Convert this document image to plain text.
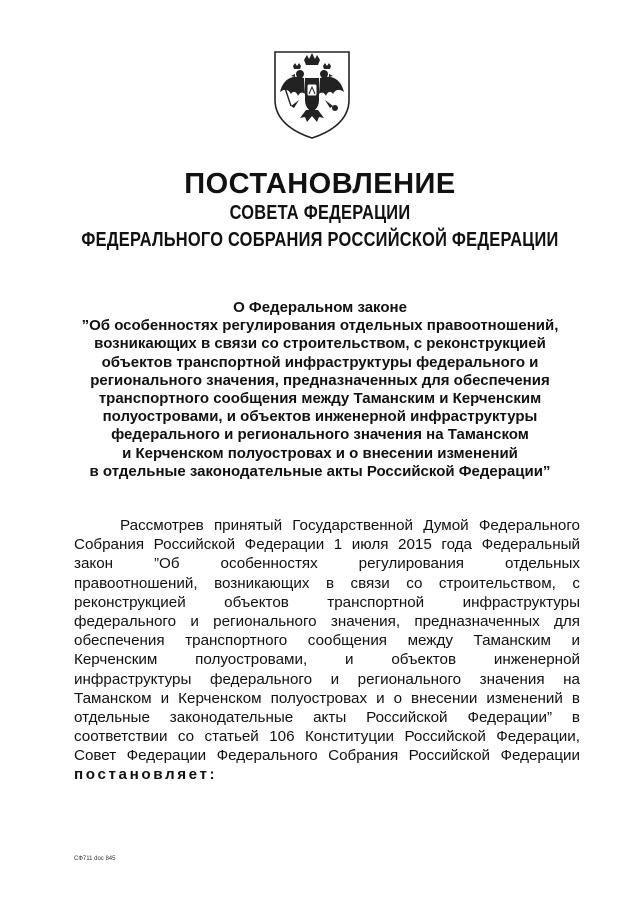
ПОСТАНОВЛЕНИЕ
СОВЕТА ФЕДЕРАЦИИ
ФЕДЕРАЛЬНОГО СОБРАНИЯ РОССИЙСКОЙ ФЕДЕРАЦИИ
О Федеральном законе
”Об особенностях регулирования отдельных правоотношений,
возникающих в связи со строительством, с реконструкцией
объектов транспортной инфраструктуры федерального и
регионального значения, предназначенных для обеспечения
транспортного сообщения между Таманским и Керченским
полуостровами, и объектов инженерной инфраструктуры
федерального и регионального значения на Таманском
и Керченском полуостровах и о внесении изменений
в отдельные законодательные акты Российской Федерации”
Рассмотрев принятый Государственной Думой Федерального
Собрания Российской Федерации 1 июля 2015 года Федеральный
закон ”Об особенностях регулирования отдельных
правоотношений, возникающих в связи со строительством, с
реконструкцией объектов транспортной инфраструктуры
федерального и регионального значения, предназначенных для
обеспечения транспортного сообщения между Таманским и
Керченским полуостровами, и объектов инженерной
инфраструктуры федерального и регионального значения на
Таманском и Керченском полуостровах и о внесении изменений в
отдельные законодательные акты Российской Федерации” в
соответствии со статьей 106 Конституции Российской Федерации,
Совет Федерации Федерального Собрания Российской Федерации
постановляет:
СФ711 doc 845
